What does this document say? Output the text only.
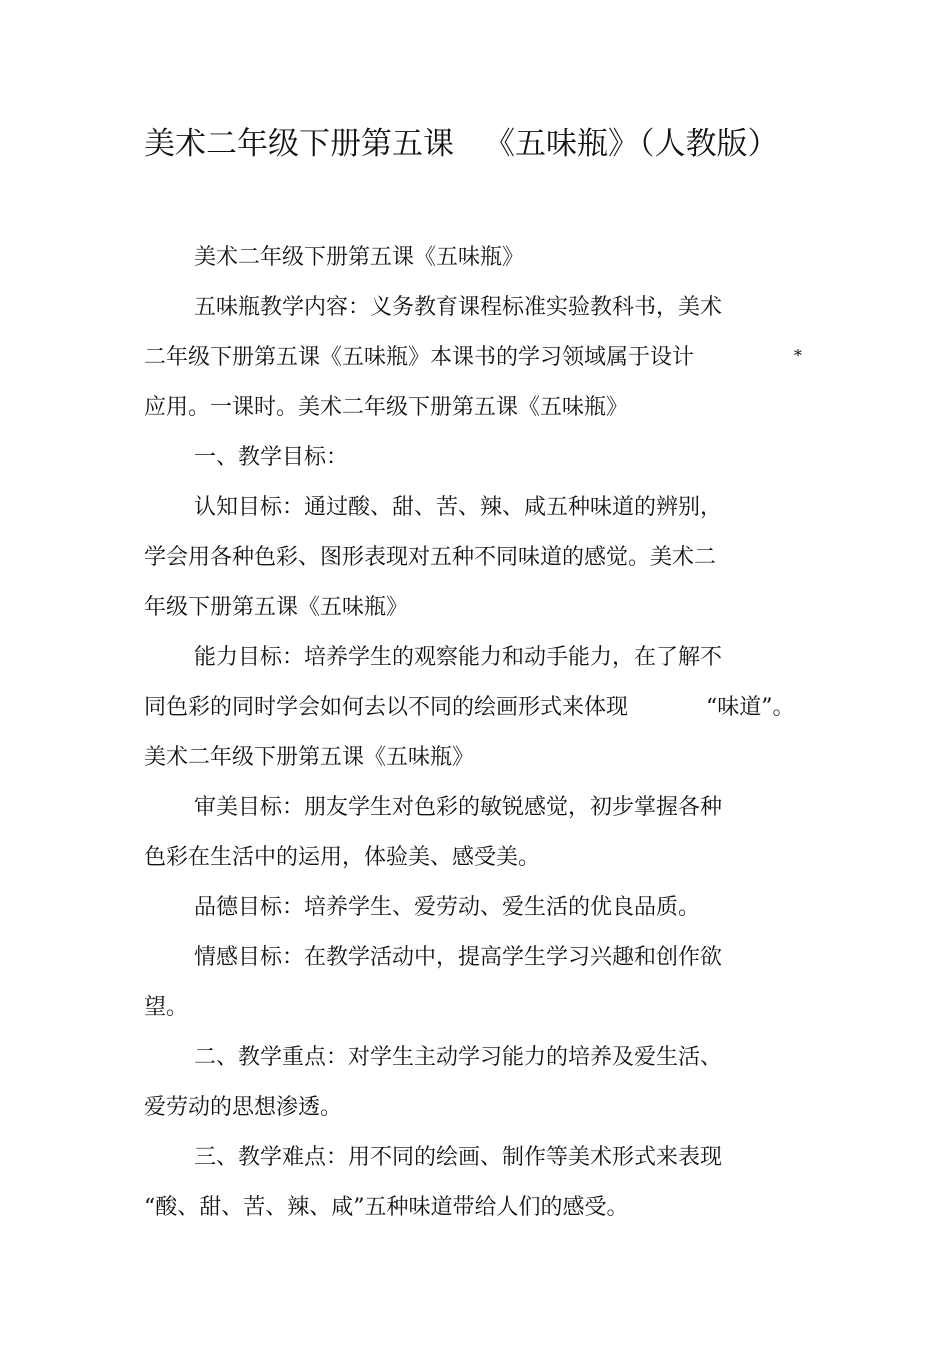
美术二年级下册第五课 《五味瓶》（人教版）
美术二年级下册第五课《五味瓶》
五味瓶教学内容：义务教育课程标准实验教科书，美术
二年级下册第五课《五味瓶》本课书的学习领域属于设计	*
应用。一课时。美术二年级下册第五课《五味瓶》
一、教学目标：
认知目标：通过酸、甜、苦、辣、咸五种味道的辨别，
学会用各种色彩、图形表现对五种不同味道的感觉。美术二
年级下册第五课《五味瓶》
能力目标：培养学生的观察能力和动手能力，在了解不
同色彩的同时学会如何去以不同的绘画形式来体现	“味道”。
美术二年级下册第五课《五味瓶》
审美目标：朋友学生对色彩的敏锐感觉，初步掌握各种
色彩在生活中的运用，体验美、感受美。
品德目标：培养学生、爱劳动、爱生活的优良品质。
情感目标：在教学活动中，提高学生学习兴趣和创作欲
望。
二、教学重点：对学生主动学习能力的培养及爱生活、
爱劳动的思想渗透。
三、教学难点：用不同的绘画、制作等美术形式来表现
“酸、甜、苦、辣、咸”五种味道带给人们的感受。
